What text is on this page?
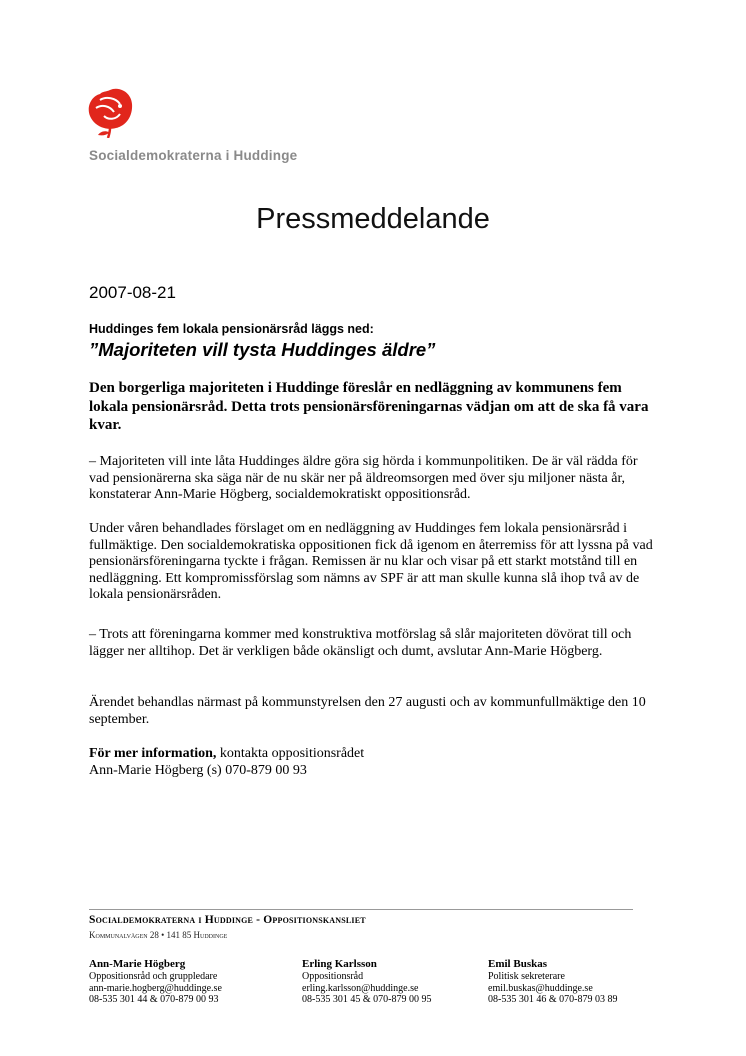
Socialdemokraterna i Huddinge
Pressmeddelande
2007-08-21
Huddinges fem lokala pensionärsråd läggs ned:
”Majoriteten vill tysta Huddinges äldre”
Den borgerliga majoriteten i Huddinge föreslår en nedläggning av kommunens fem lokala pensionärsråd. Detta trots pensionärsföreningarnas vädjan om att de ska få vara kvar.
– Majoriteten vill inte låta Huddinges äldre göra sig hörda i kommunpolitiken. De är väl rädda för vad pensionärerna ska säga när de nu skär ner på äldreomsorgen med över sju miljoner nästa år, konstaterar Ann-Marie Högberg, socialdemokratiskt oppositionsråd.
Under våren behandlades förslaget om en nedläggning av Huddinges fem lokala pensionärsråd i fullmäktige. Den socialdemokratiska oppositionen fick då igenom en återremiss för att lyssna på vad pensionärsföreningarna tyckte i frågan. Remissen är nu klar och visar på ett starkt motstånd till en nedläggning. Ett kompromissförslag som nämns av SPF är att man skulle kunna slå ihop två av de lokala pensionärsråden.
– Trots att föreningarna kommer med konstruktiva motförslag så slår majoriteten dövörat till och lägger ner alltihop. Det är verkligen både okänsligt och dumt, avslutar Ann-Marie Högberg.
Ärendet behandlas närmast på kommunstyrelsen den 27 augusti och av kommunfullmäktige den 10 september.
För mer information, kontakta oppositionsrådet
Ann-Marie Högberg (s) 070-879 00 93
Socialdemokraterna i Huddinge - Oppositionskansliet
Kommunalvägen 28 • 141 85 Huddinge
Ann-Marie Högberg
Oppositionsråd och gruppledare
ann-marie.hogberg@huddinge.se
08-535 301 44 & 070-879 00 93
Erling Karlsson
Oppositionsråd
erling.karlsson@huddinge.se
08-535 301 45 & 070-879 00 95
Emil Buskas
Politisk sekreterare
emil.buskas@huddinge.se
08-535 301 46 & 070-879 03 89
